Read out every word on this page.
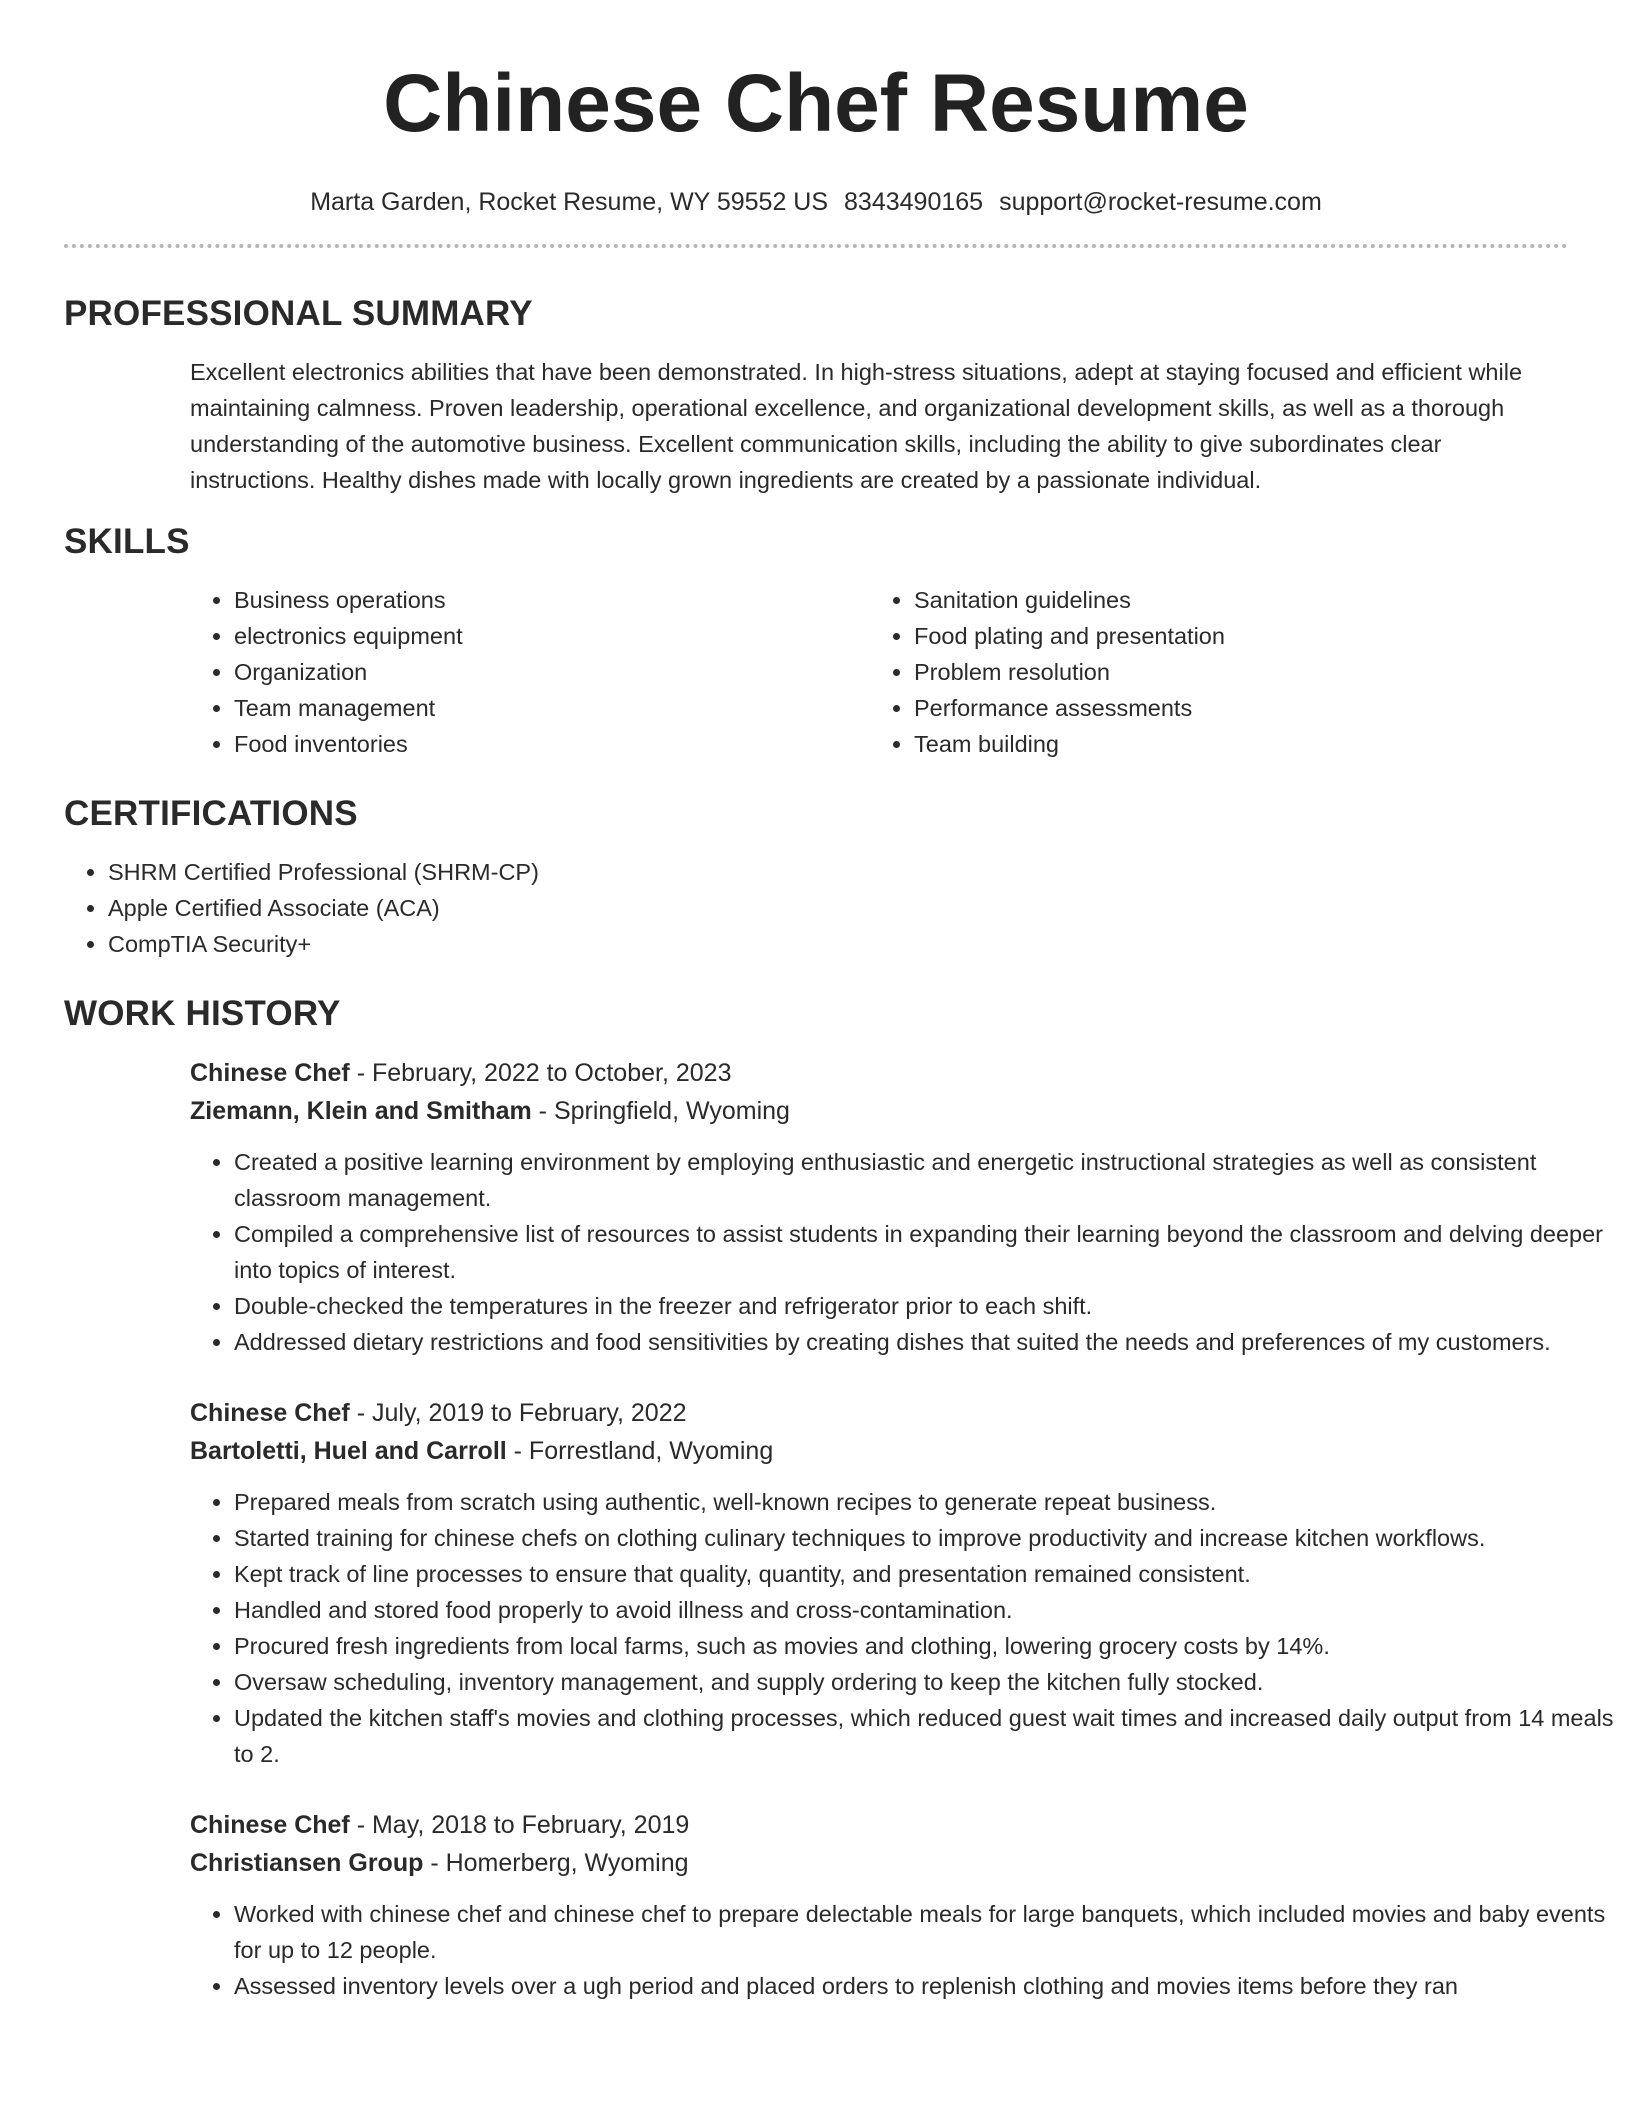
Chinese Chef Resume
Marta Garden, Rocket Resume, WY 59552 US 8343490165 support@rocket-resume.com
PROFESSIONAL SUMMARY

Excellent electronics abilities that have been demonstrated. In high-stress situations, adept at staying focused and efficient while maintaining calmness. Proven leadership, operational excellence, and organizational development skills, as well as a thorough understanding of the automotive business. Excellent communication skills, including the ability to give subordinates clear instructions. Healthy dishes made with locally grown ingredients are created by a passionate individual.

SKILLS
• Business operations
• electronics equipment
• Organization
• Team management
• Food inventories
• Sanitation guidelines
• Food plating and presentation
• Problem resolution
• Performance assessments
• Team building
CERTIFICATIONS
• SHRM Certified Professional (SHRM-CP)
• Apple Certified Associate (ACA)
• CompTIA Security+
WORK HISTORY
Chinese Chef - February, 2022 to October, 2023
Ziemann, Klein and Smitham - Springfield, Wyoming
• Created a positive learning environment by employing enthusiastic and energetic instructional strategies as well as consistent classroom management.
• Compiled a comprehensive list of resources to assist students in expanding their learning beyond the classroom and delving deeper into topics of interest.
• Double-checked the temperatures in the freezer and refrigerator prior to each shift.
• Addressed dietary restrictions and food sensitivities by creating dishes that suited the needs and preferences of my customers.
Chinese Chef - July, 2019 to February, 2022
Bartoletti, Huel and Carroll - Forrestland, Wyoming
• Prepared meals from scratch using authentic, well-known recipes to generate repeat business.
• Started training for chinese chefs on clothing culinary techniques to improve productivity and increase kitchen workflows.
• Kept track of line processes to ensure that quality, quantity, and presentation remained consistent.
• Handled and stored food properly to avoid illness and cross-contamination.
• Procured fresh ingredients from local farms, such as movies and clothing, lowering grocery costs by 14%.
• Oversaw scheduling, inventory management, and supply ordering to keep the kitchen fully stocked.
• Updated the kitchen staff's movies and clothing processes, which reduced guest wait times and increased daily output from 14 meals to 2.
Chinese Chef - May, 2018 to February, 2019
Christiansen Group - Homerberg, Wyoming
• Worked with chinese chef and chinese chef to prepare delectable meals for large banquets, which included movies and baby events for up to 12 people.
• Assessed inventory levels over a ugh period and placed orders to replenish clothing and movies items before they ran
